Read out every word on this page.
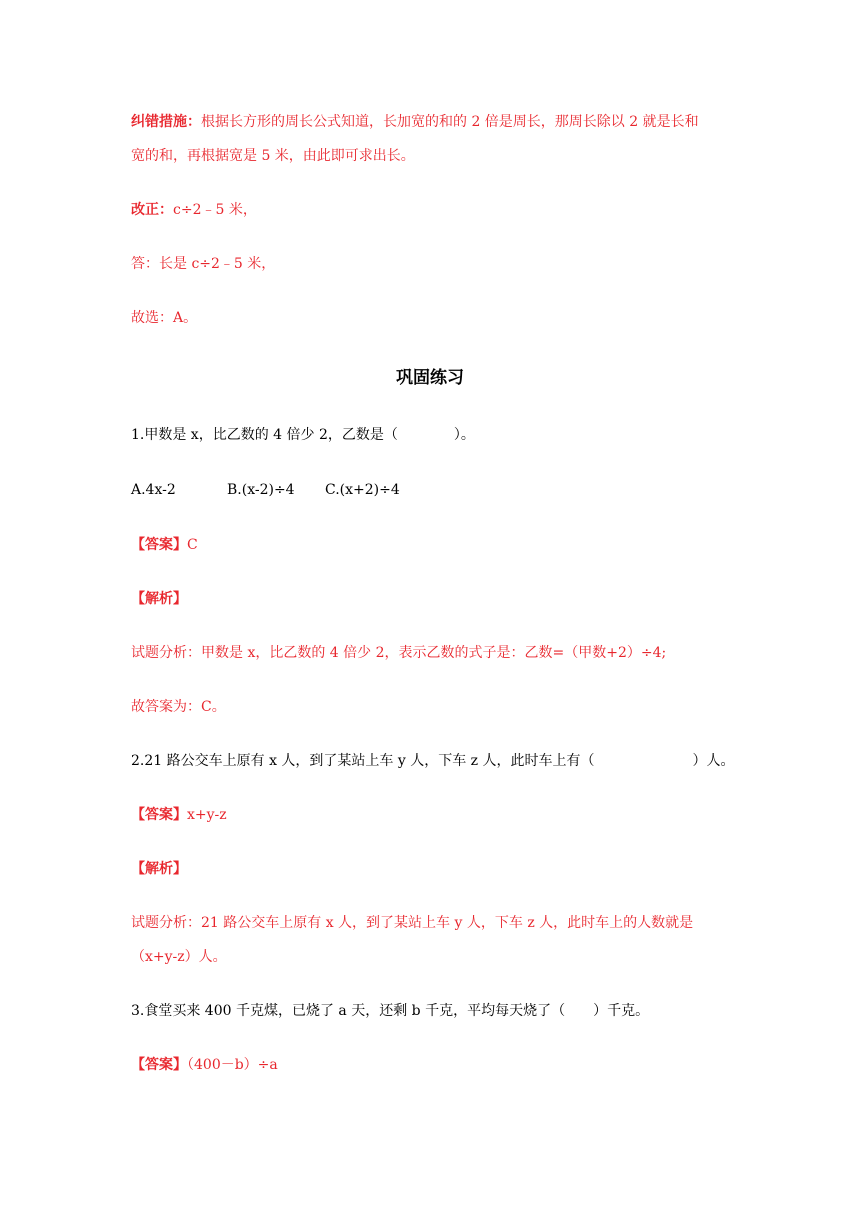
纠错措施：根据长方形的周长公式知道，长加宽的和的 2 倍是周长，那周长除以 2 就是长和
宽的和，再根据宽是 5 米，由此即可求出长。
改正：c÷2﹣5 米，
答：长是 c÷2﹣5 米，
故选：A。
巩固练习
1.甲数是 x，比乙数的 4 倍少 2，乙数是（　　　　）。
A.4x-2	B.(x-2)÷4 C.(x+2)÷4
【答案】C
【解析】
试题分析：甲数是 x，比乙数的 4 倍少 2，表示乙数的式子是：乙数=（甲数+2）÷4;
故答案为：C。
2.21 路公交车上原有 x 人，到了某站上车 y 人，下车 z 人，此时车上有（　　　　　　　）人。
【答案】x+y-z
【解析】
试题分析：21 路公交车上原有 x 人，到了某站上车 y 人，下车 z 人，此时车上的人数就是
（x+y-z）人。
3.食堂买来 400 千克煤，已烧了 a 天，还剩 b 千克，平均每天烧了（　　）千克。
【答案】（400－b）÷a
